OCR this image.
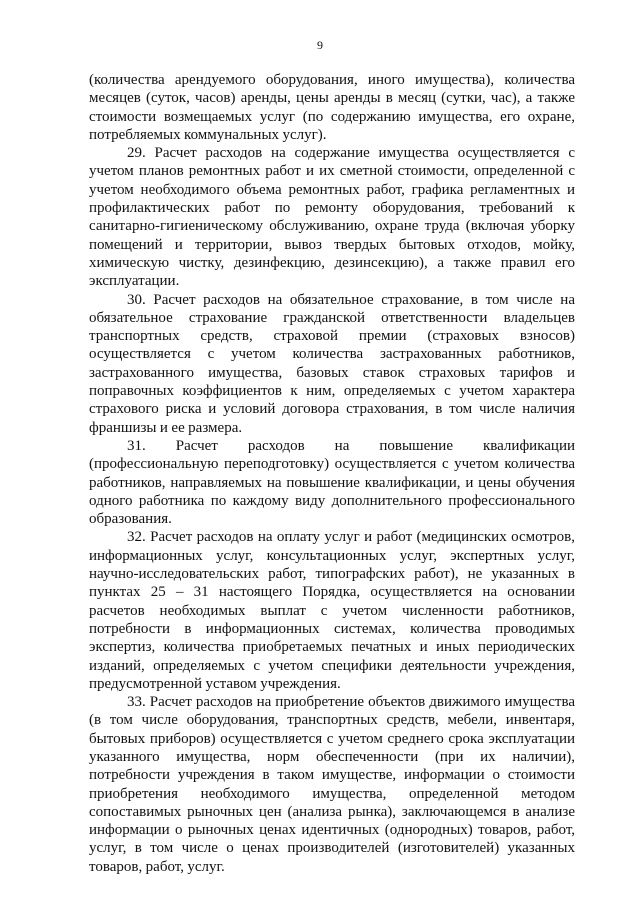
9

(количества арендуемого оборудования, иного имущества), количества месяцев (суток, часов) аренды, цены аренды в месяц (сутки, час), а также стоимости возмещаемых услуг (по содержанию имущества, его охране, потребляемых коммунальных услуг).

29. Расчет расходов на содержание имущества осуществляется с учетом планов ремонтных работ и их сметной стоимости, определенной с учетом необходимого объема ремонтных работ, графика регламентных и профилактических работ по ремонту оборудования, требований к санитарно-гигиеническому обслуживанию, охране труда (включая уборку помещений и территории, вывоз твердых бытовых отходов, мойку, химическую чистку, дезинфекцию, дезинсекцию), а также правил его эксплуатации.

30. Расчет расходов на обязательное страхование, в том числе на обязательное страхование гражданской ответственности владельцев транспортных средств, страховой премии (страховых взносов) осуществляется с учетом количества застрахованных работников, застрахованного имущества, базовых ставок страховых тарифов и поправочных коэффициентов к ним, определяемых с учетом характера страхового риска и условий договора страхования, в том числе наличия франшизы и ее размера.

31. Расчет расходов на повышение квалификации (профессиональную переподготовку) осуществляется с учетом количества работников, направляемых на повышение квалификации, и цены обучения одного работника по каждому виду дополнительного профессионального образования.

32. Расчет расходов на оплату услуг и работ (медицинских осмотров, информационных услуг, консультационных услуг, экспертных услуг, научно-исследовательских работ, типографских работ), не указанных в пунктах 25 – 31 настоящего Порядка, осуществляется на основании расчетов необходимых выплат с учетом численности работников, потребности в информационных системах, количества проводимых экспертиз, количества приобретаемых печатных и иных периодических изданий, определяемых с учетом специфики деятельности учреждения, предусмотренной уставом учреждения.

33. Расчет расходов на приобретение объектов движимого имущества (в том числе оборудования, транспортных средств, мебели, инвентаря, бытовых приборов) осуществляется с учетом среднего срока эксплуатации указанного имущества, норм обеспеченности (при их наличии), потребности учреждения в таком имуществе, информации о стоимости приобретения необходимого имущества, определенной методом сопоставимых рыночных цен (анализа рынка), заключающемся в анализе информации о рыночных ценах идентичных (однородных) товаров, работ, услуг, в том числе о ценах производителей (изготовителей) указанных товаров, работ, услуг.
